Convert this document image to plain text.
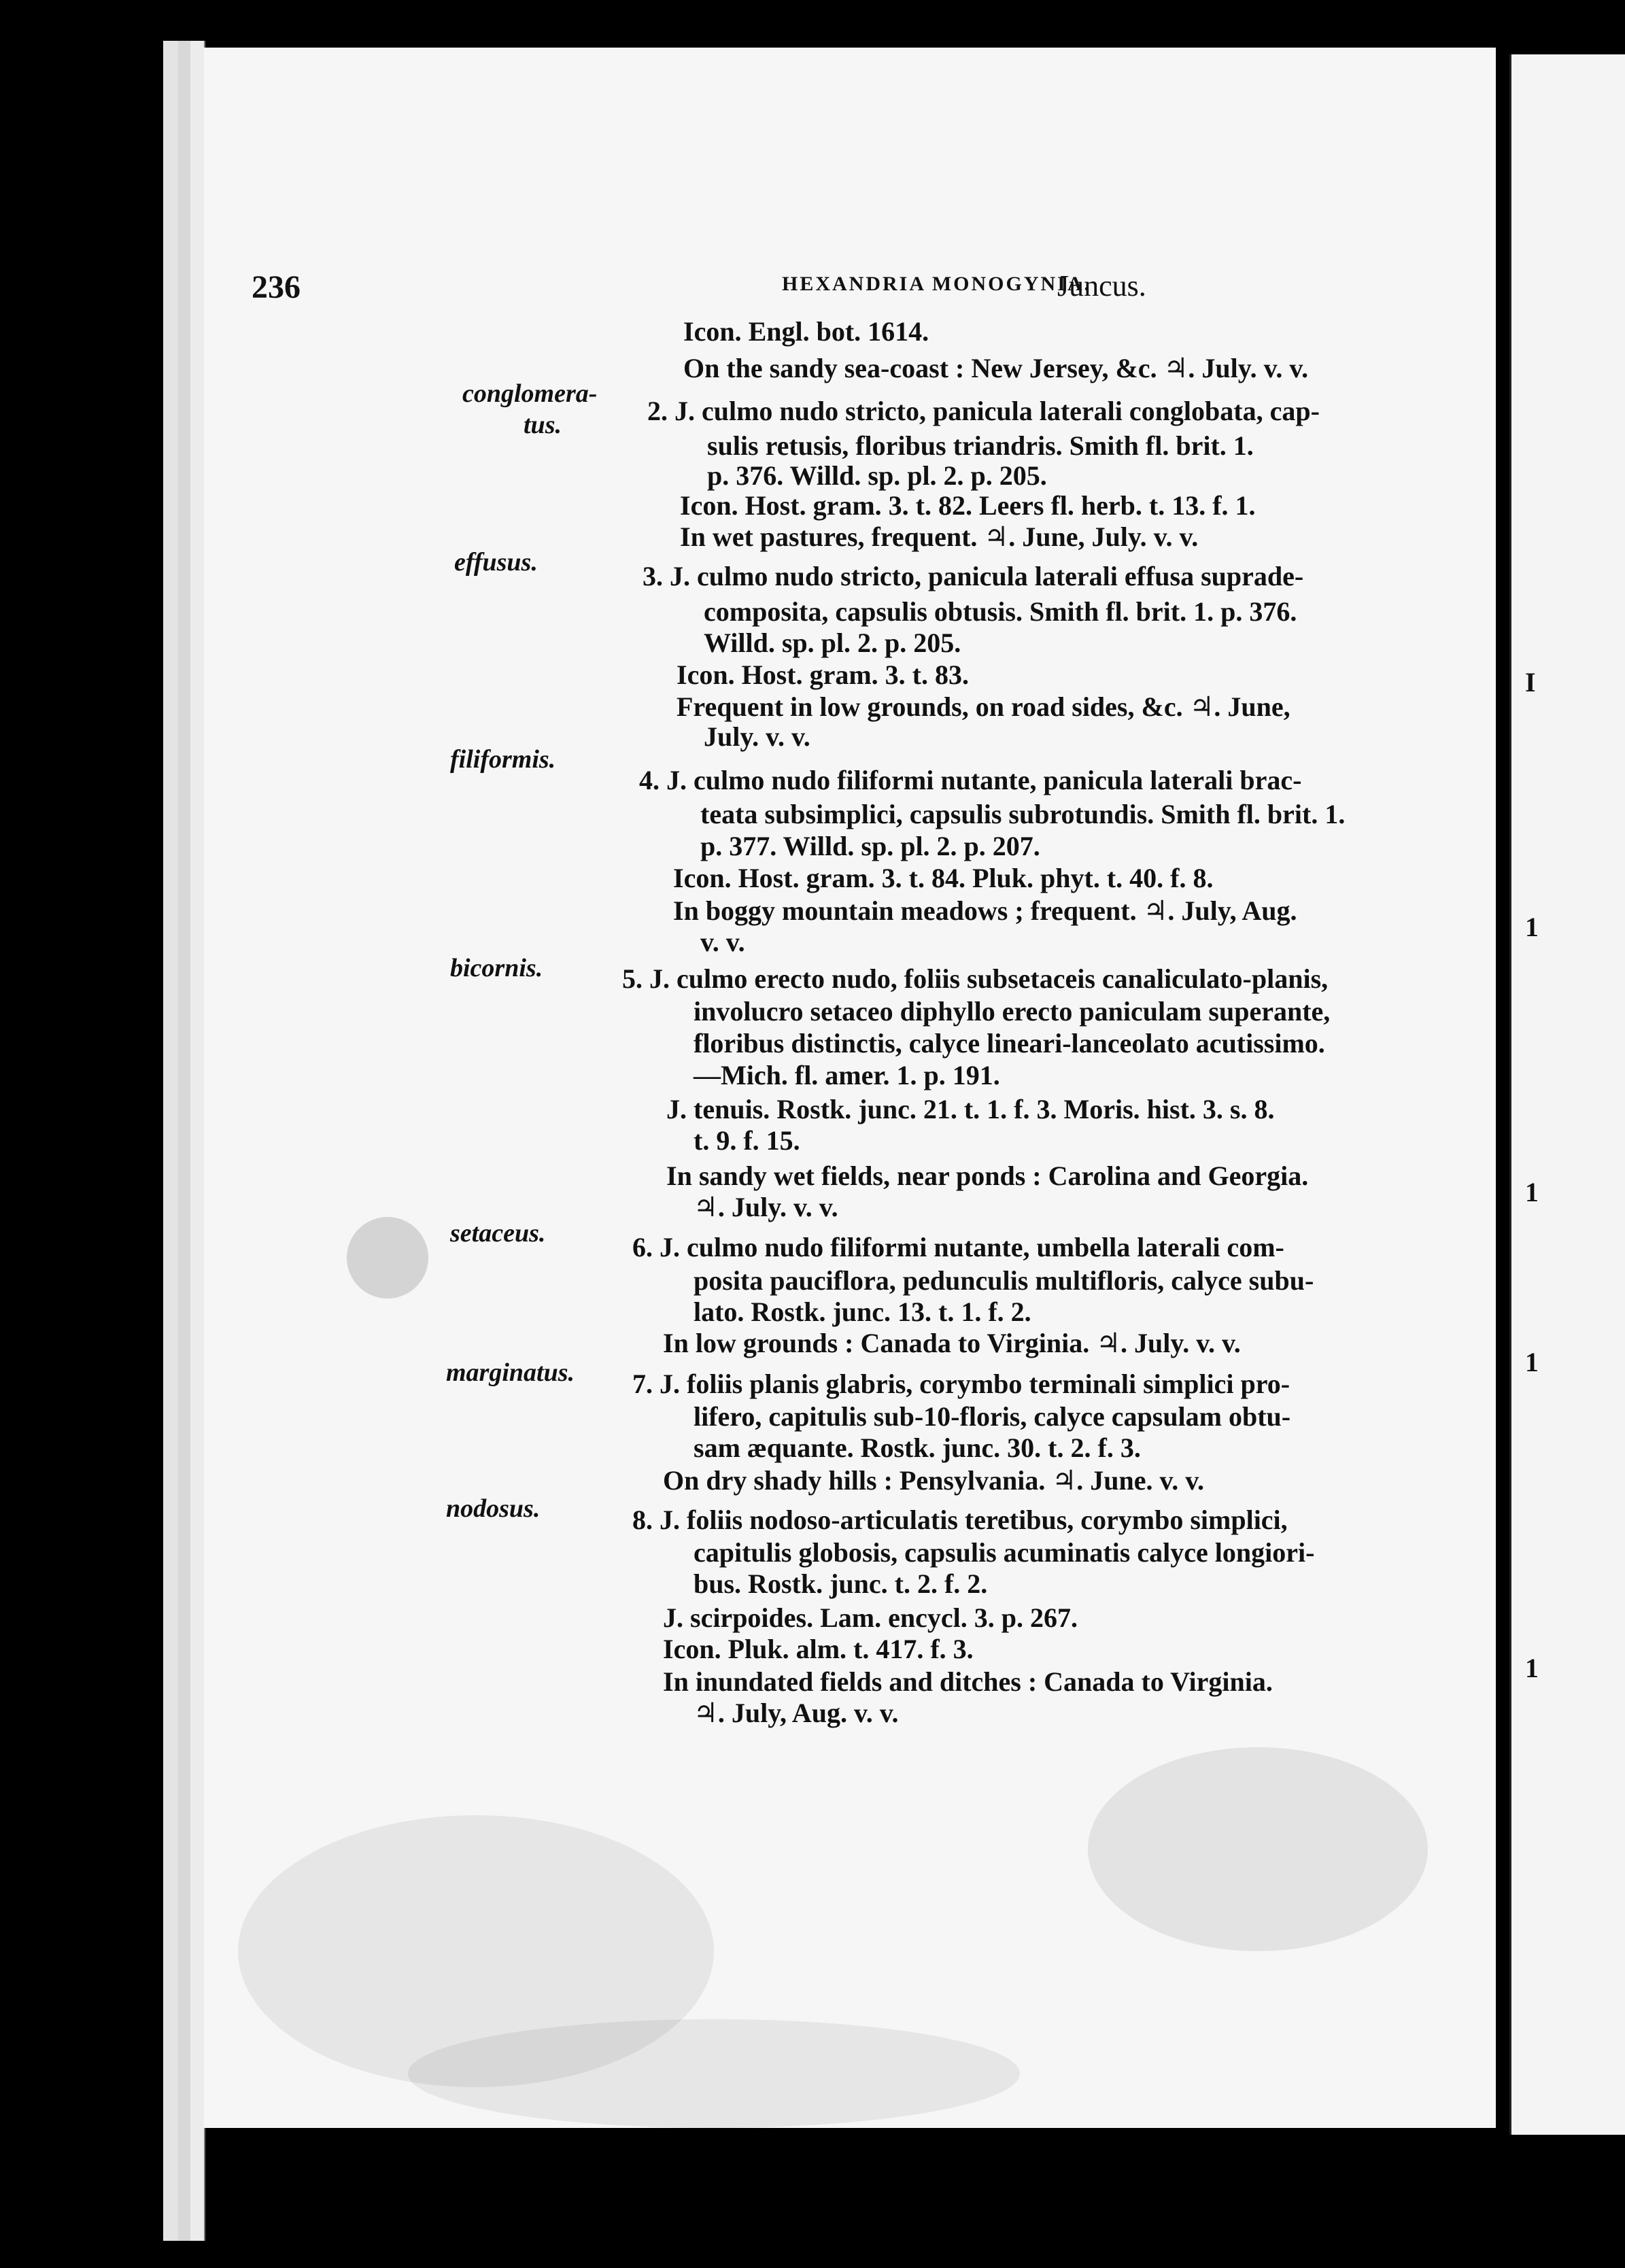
I
1
1
1
1
236	HEXANDRIA MONOGYNIA.
Juncus.
conglomera-
tus.
effusus.
filiformis.
bicornis.
setaceus.
marginatus.
nodosus.
Icon. Engl. bot. 1614.
On the sandy sea-coast : New Jersey, &c. ♃. July. v. v.
2. J. culmo nudo stricto, panicula laterali conglobata, cap-
sulis retusis, floribus triandris. Smith fl. brit. 1.
p. 376. Willd. sp. pl. 2. p. 205.
Icon. Host. gram. 3. t. 82. Leers fl. herb. t. 13. f. 1.
In wet pastures, frequent. ♃. June, July. v. v.
3. J. culmo nudo stricto, panicula laterali effusa suprade-
composita, capsulis obtusis. Smith fl. brit. 1. p. 376.
Willd. sp. pl. 2. p. 205.
Icon. Host. gram. 3. t. 83.
Frequent in low grounds, on road sides, &c. ♃. June,
July. v. v.
4. J. culmo nudo filiformi nutante, panicula laterali brac-
teata subsimplici, capsulis subrotundis. Smith fl. brit. 1.
p. 377. Willd. sp. pl. 2. p. 207.
Icon. Host. gram. 3. t. 84. Pluk. phyt. t. 40. f. 8.
In boggy mountain meadows ; frequent. ♃. July, Aug.
v. v.
5. J. culmo erecto nudo, foliis subsetaceis canaliculato-planis,
involucro setaceo diphyllo erecto paniculam superante,
floribus distinctis, calyce lineari-lanceolato acutissimo.
—Mich. fl. amer. 1. p. 191.
J. tenuis. Rostk. junc. 21. t. 1. f. 3. Moris. hist. 3. s. 8.
t. 9. f. 15.
In sandy wet fields, near ponds : Carolina and Georgia.
♃. July. v. v.
6. J. culmo nudo filiformi nutante, umbella laterali com-
posita pauciflora, pedunculis multifloris, calyce subu-
lato. Rostk. junc. 13. t. 1. f. 2.
In low grounds : Canada to Virginia. ♃. July. v. v.
7. J. foliis planis glabris, corymbo terminali simplici pro-
lifero, capitulis sub-10-floris, calyce capsulam obtu-
sam æquante. Rostk. junc. 30. t. 2. f. 3.
On dry shady hills : Pensylvania. ♃. June. v. v.
8. J. foliis nodoso-articulatis teretibus, corymbo simplici,
capitulis globosis, capsulis acuminatis calyce longiori-
bus. Rostk. junc. t. 2. f. 2.
J. scirpoides. Lam. encycl. 3. p. 267.
Icon. Pluk. alm. t. 417. f. 3.
In inundated fields and ditches : Canada to Virginia.
♃. July, Aug. v. v.
